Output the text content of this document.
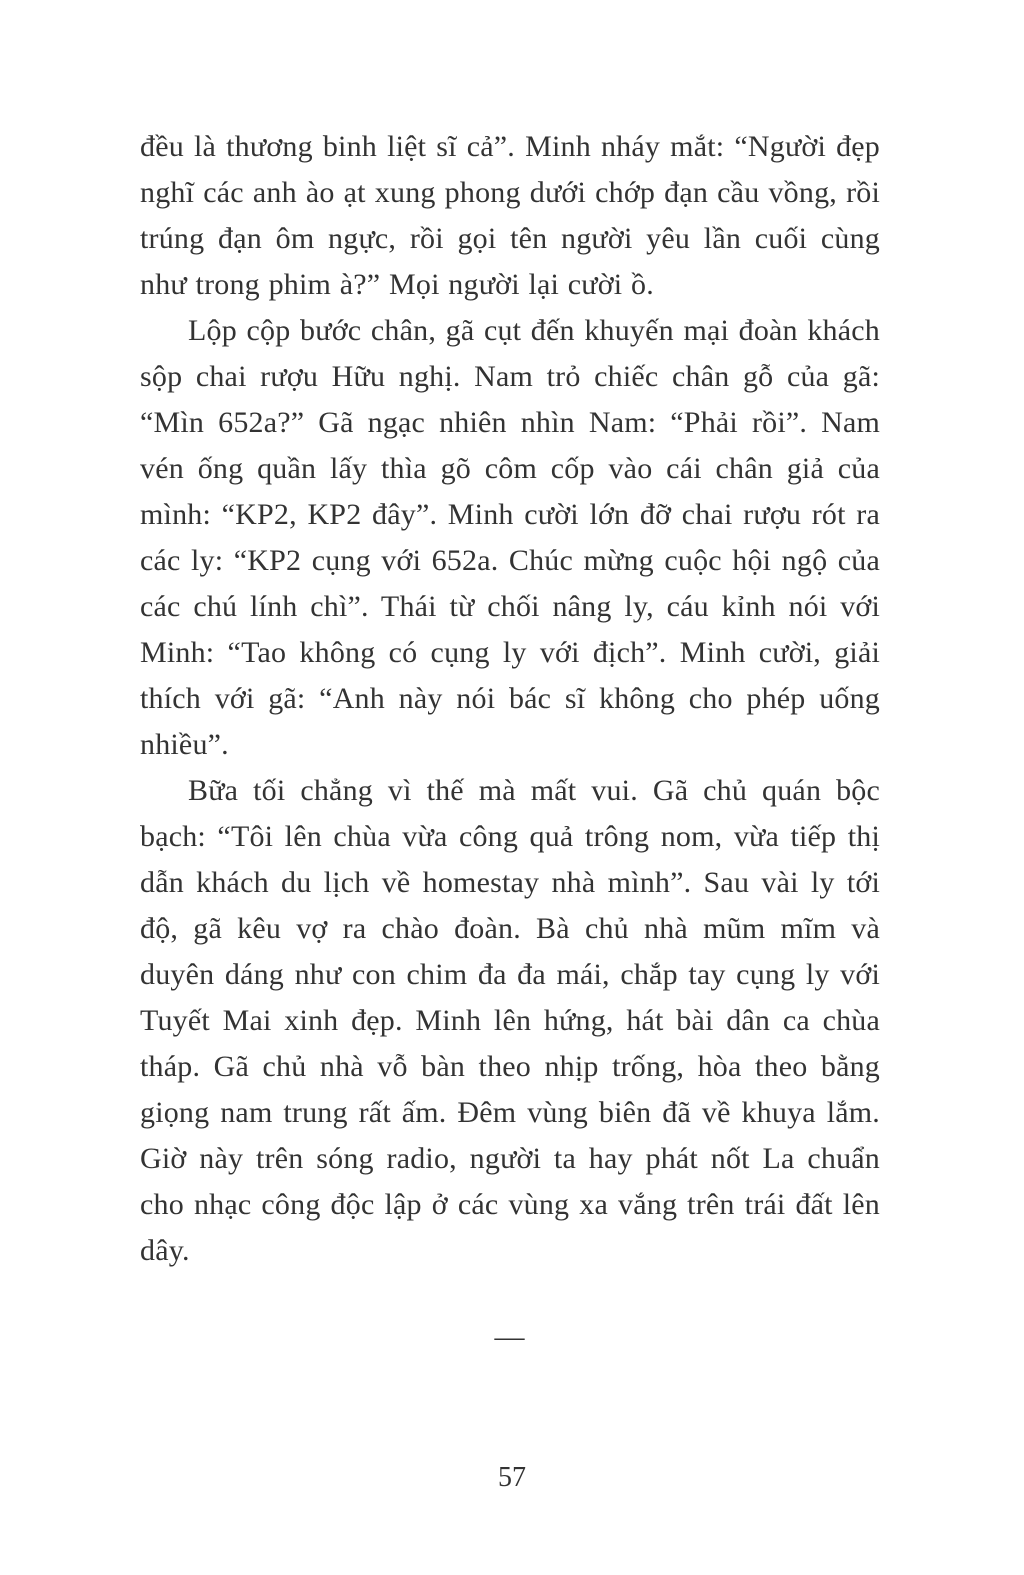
đều là thương binh liệt sĩ cả”. Minh nháy mắt: “Người đẹp nghĩ các anh ào ạt xung phong dưới chớp đạn cầu vồng, rồi trúng đạn ôm ngực, rồi gọi tên người yêu lần cuối cùng như trong phim à?” Mọi người lại cười ồ.

Lộp cộp bước chân, gã cụt đến khuyến mại đoàn khách sộp chai rượu Hữu nghị. Nam trỏ chiếc chân gỗ của gã: “Mìn 652a?” Gã ngạc nhiên nhìn Nam: “Phải rồi”. Nam vén ống quần lấy thìa gõ côm cốp vào cái chân giả của mình: “KP2, KP2 đây”. Minh cười lớn đỡ chai rượu rót ra các ly: “KP2 cụng với 652a. Chúc mừng cuộc hội ngộ của các chú lính chì”. Thái từ chối nâng ly, cáu kỉnh nói với Minh: “Tao không có cụng ly với địch”. Minh cười, giải thích với gã: “Anh này nói bác sĩ không cho phép uống nhiều”.

Bữa tối chẳng vì thế mà mất vui. Gã chủ quán bộc bạch: “Tôi lên chùa vừa công quả trông nom, vừa tiếp thị dẫn khách du lịch về homestay nhà mình”. Sau vài ly tới độ, gã kêu vợ ra chào đoàn. Bà chủ nhà mũm mĩm và duyên dáng như con chim đa đa mái, chắp tay cụng ly với Tuyết Mai xinh đẹp. Minh lên hứng, hát bài dân ca chùa tháp. Gã chủ nhà vỗ bàn theo nhịp trống, hòa theo bằng giọng nam trung rất ấm. Đêm vùng biên đã về khuya lắm. Giờ này trên sóng radio, người ta hay phát nốt La chuẩn cho nhạc công độc lập ở các vùng xa vắng trên trái đất lên dây.

—
57
